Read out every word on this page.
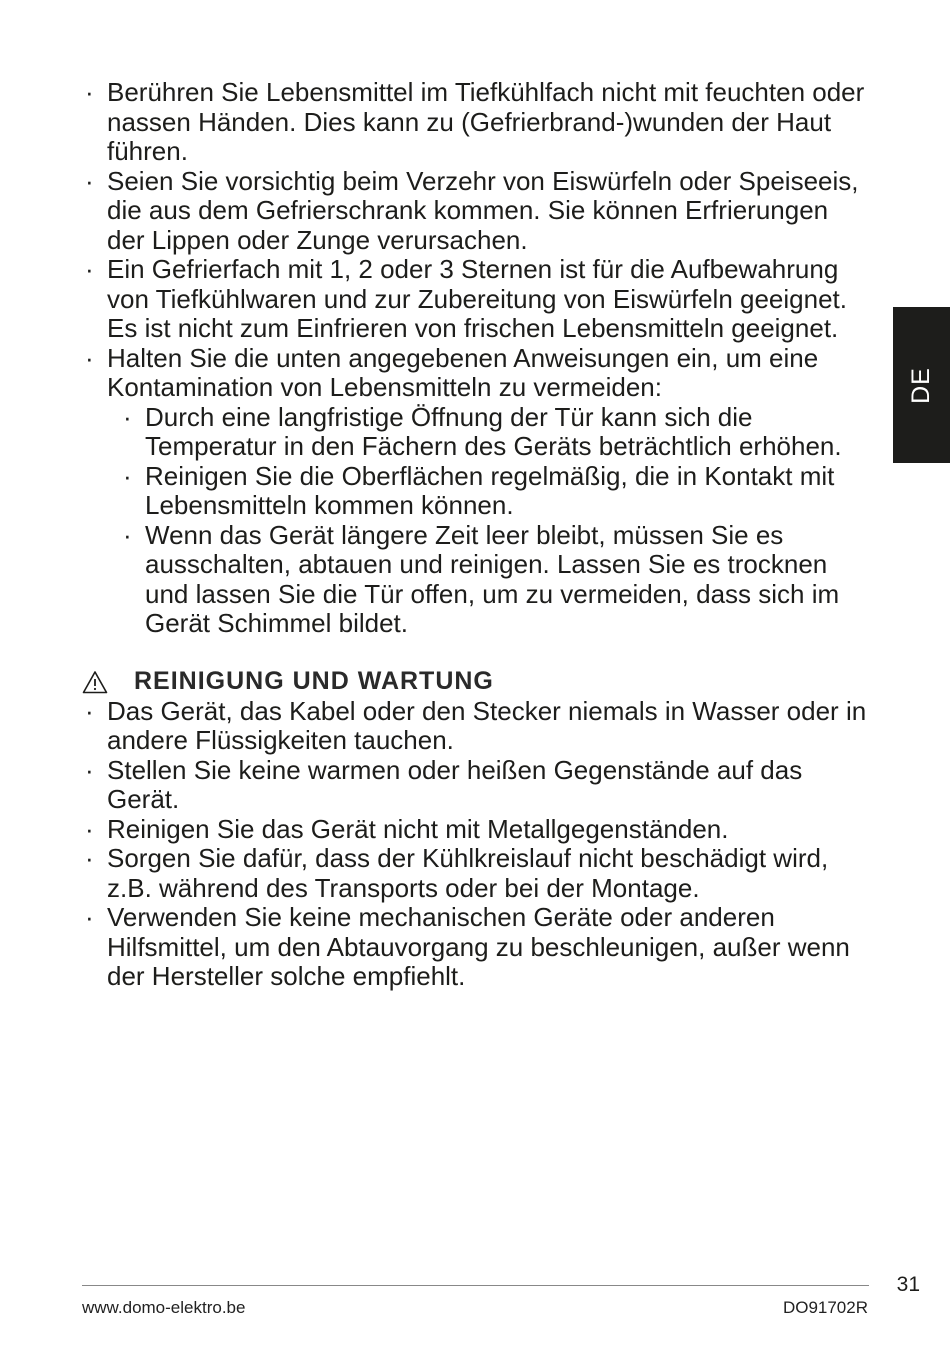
· Berühren Sie Lebensmittel im Tiefkühlfach nicht mit feuchten oder nassen Händen. Dies kann zu (Gefrierbrand-)wunden der Haut führen.
· Seien Sie vorsichtig beim Verzehr von Eiswürfeln oder Speiseeis, die aus dem Gefrierschrank kommen. Sie können Erfrierungen der Lippen oder Zunge verursachen.
· Ein Gefrierfach mit 1, 2 oder 3 Sternen ist für die Aufbewahrung von Tiefkühlwaren und zur Zubereitung von Eiswürfeln geeignet. Es ist nicht zum Einfrieren von frischen Lebensmitteln geeignet.
· Halten Sie die unten angegebenen Anweisungen ein, um eine Kontamination von Lebensmitteln zu vermeiden:
· Durch eine langfristige Öffnung der Tür kann sich die Temperatur in den Fächern des Geräts beträchtlich erhöhen.
· Reinigen Sie die Oberflächen regelmäßig, die in Kontakt mit Lebensmitteln kommen können.
· Wenn das Gerät längere Zeit leer bleibt, müssen Sie es ausschalten, abtauen und reinigen. Lassen Sie es trocknen und lassen Sie die Tür offen, um zu vermeiden, dass sich im Gerät Schimmel bildet.
REINIGUNG UND WARTUNG
· Das Gerät, das Kabel oder den Stecker niemals in Wasser oder in andere Flüssigkeiten tauchen.
· Stellen Sie keine warmen oder heißen Gegenstände auf das Gerät.
· Reinigen Sie das Gerät nicht mit Metallgegenständen.
· Sorgen Sie dafür, dass der Kühlkreislauf nicht beschädigt wird, z.B. während des Transports oder bei der Montage.
· Verwenden Sie keine mechanischen Geräte oder anderen Hilfsmittel, um den Abtauvorgang zu beschleunigen, außer wenn der Hersteller solche empfiehlt.
DE
31
www.domo-elektro.be	DO91702R
